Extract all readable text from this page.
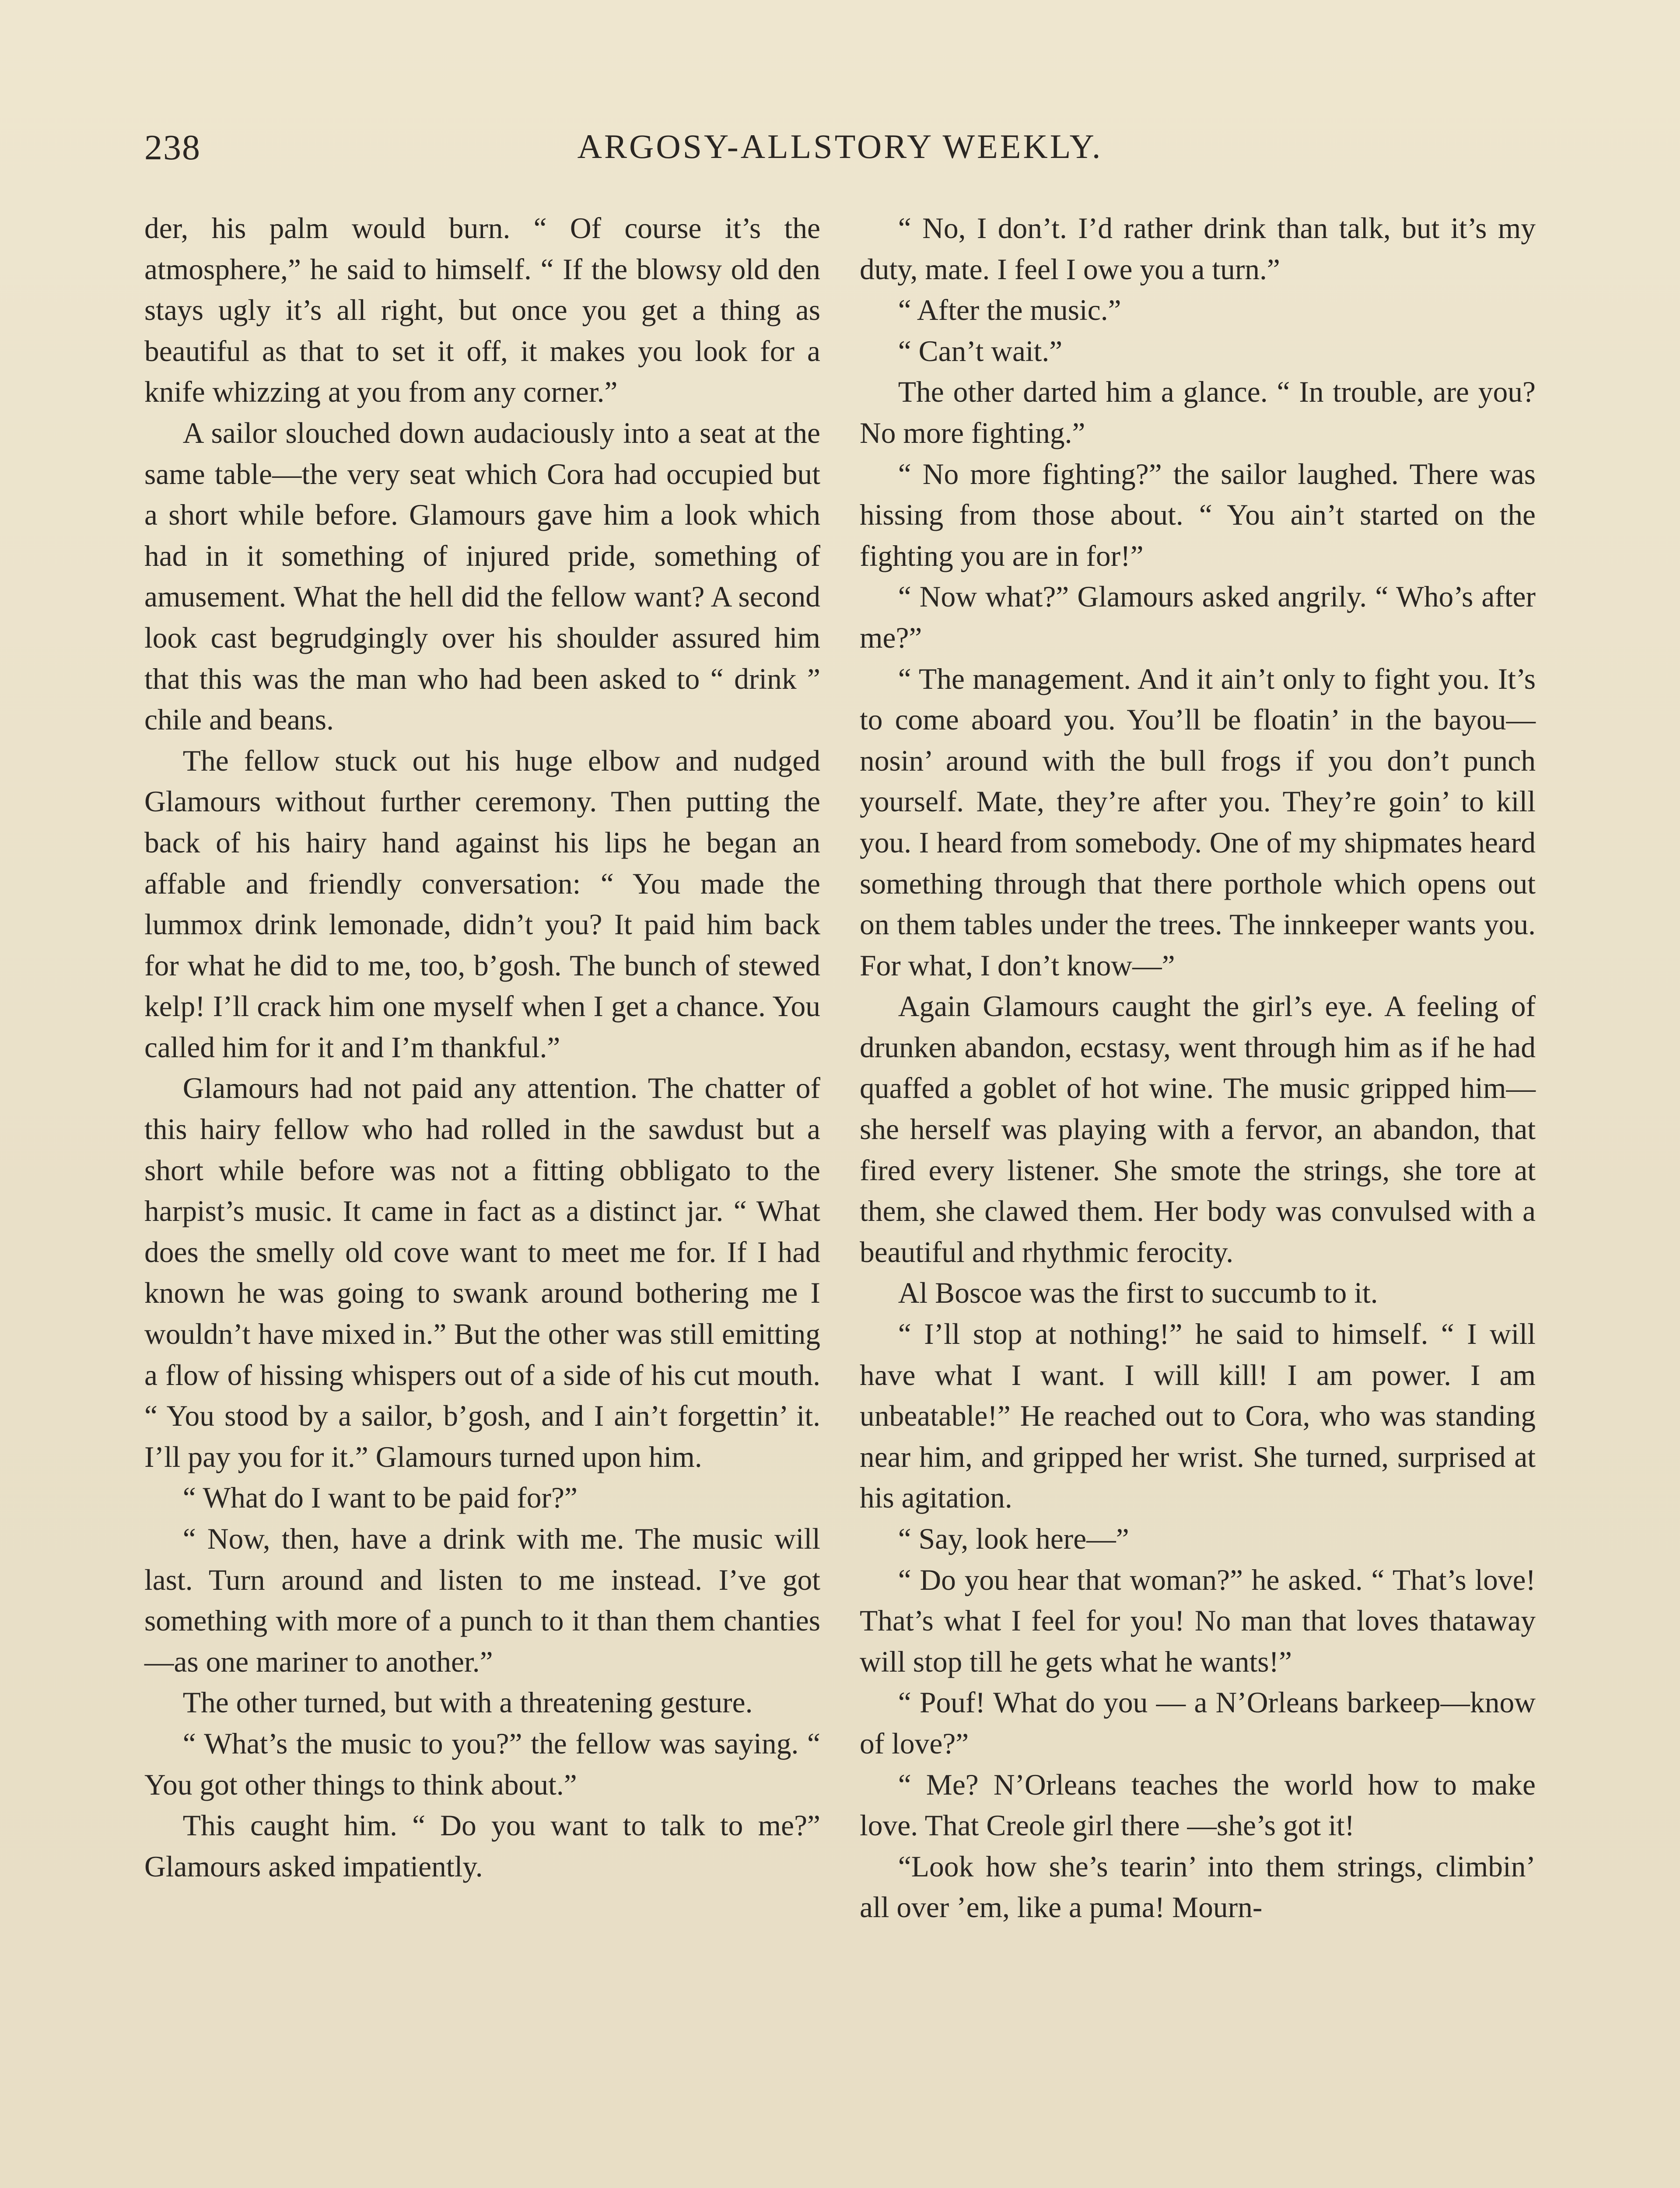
238	ARGOSY-ALLSTORY WEEKLY.

der, his palm would burn. “ Of course it’s the atmosphere,” he said to himself. “ If the blowsy old den stays ugly it’s all right, but once you get a thing as beautiful as that to set it off, it makes you look for a knife whizzing at you from any corner.”

A sailor slouched down audaciously into a seat at the same table—the very seat which Cora had occupied but a short while before. Glamours gave him a look which had in it something of injured pride, something of amusement. What the hell did the fellow want? A second look cast begrudgingly over his shoulder assured him that this was the man who had been asked to “ drink ” chile and beans.

The fellow stuck out his huge elbow and nudged Glamours without further ceremony. Then putting the back of his hairy hand against his lips he began an affable and friendly conversation: “ You made the lummox drink lemonade, didn’t you? It paid him back for what he did to me, too, b’gosh. The bunch of stewed kelp! I’ll crack him one myself when I get a chance. You called him for it and I’m thankful.”

Glamours had not paid any attention. The chatter of this hairy fellow who had rolled in the sawdust but a short while before was not a fitting obbligato to the harpist’s music. It came in fact as a distinct jar. “ What does the smelly old cove want to meet me for. If I had known he was going to swank around bothering me I wouldn’t have mixed in.” But the other was still emitting a flow of hissing whispers out of a side of his cut mouth. “ You stood by a sailor, b’gosh, and I ain’t forgettin’ it. I’ll pay you for it.” Glamours turned upon him.

“ What do I want to be paid for?”

“ Now, then, have a drink with me. The music will last. Turn around and listen to me instead. I’ve got something with more of a punch to it than them chanties—as one mariner to another.”

The other turned, but with a threatening gesture.

“ What’s the music to you?” the fellow was saying. “ You got other things to think about.”

This caught him. “ Do you want to talk to me?” Glamours asked impatiently.

“ No, I don’t. I’d rather drink than talk, but it’s my duty, mate. I feel I owe you a turn.”

“ After the music.”

“ Can’t wait.”

The other darted him a glance. “ In trouble, are you? No more fighting.”

“ No more fighting?” the sailor laughed. There was hissing from those about. “ You ain’t started on the fighting you are in for!”

“ Now what?” Glamours asked angrily. “ Who’s after me?”

“ The management. And it ain’t only to fight you. It’s to come aboard you. You’ll be floatin’ in the bayou—nosin’ around with the bull frogs if you don’t punch yourself. Mate, they’re after you. They’re goin’ to kill you. I heard from somebody. One of my shipmates heard something through that there porthole which opens out on them tables under the trees. The innkeeper wants you. For what, I don’t know—”

Again Glamours caught the girl’s eye. A feeling of drunken abandon, ecstasy, went through him as if he had quaffed a goblet of hot wine. The music gripped him—she herself was playing with a fervor, an abandon, that fired every listener. She smote the strings, she tore at them, she clawed them. Her body was convulsed with a beautiful and rhythmic ferocity.

Al Boscoe was the first to succumb to it.

“ I’ll stop at nothing!” he said to himself. “ I will have what I want. I will kill! I am power. I am unbeatable!” He reached out to Cora, who was standing near him, and gripped her wrist. She turned, surprised at his agitation.

“ Say, look here—”

“ Do you hear that woman?” he asked. “ That’s love! That’s what I feel for you! No man that loves thataway will stop till he gets what he wants!”

“ Pouf! What do you — a N’Orleans barkeep—know of love?”

“ Me? N’Orleans teaches the world how to make love. That Creole girl there —she’s got it!

“Look how she’s tearin’ into them strings, climbin’ all over ’em, like a puma! Mourn-
